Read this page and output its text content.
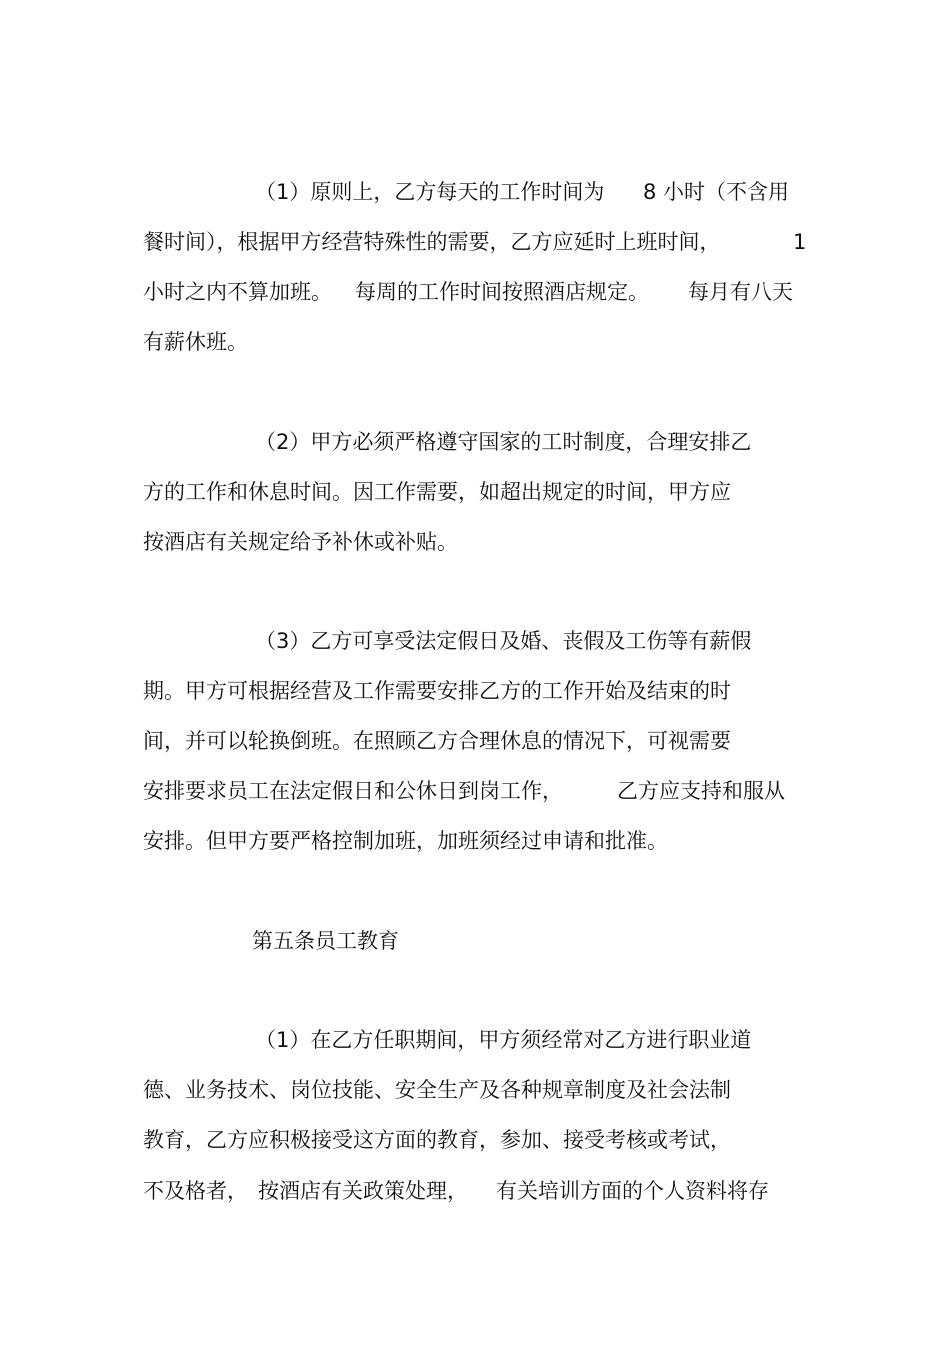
（1）原则上，乙方每天的工作时间为

8 小时（不含用

餐时间），根据甲方经营特殊性的需要，乙方应延时上班时间，

	1

小时之内不算加班。

每周的工作时间按照酒店规定。

每月有八天

有薪休班。

（2）甲方必须严格遵守国家的工时制度，合理安排乙

方的工作和休息时间。因工作需要，如超出规定的时间，甲方应

按酒店有关规定给予补休或补贴。

（3）乙方可享受法定假日及婚、丧假及工伤等有薪假

期。甲方可根据经营及工作需要安排乙方的工作开始及结束的时

间，并可以轮换倒班。在照顾乙方合理休息的情况下，可视需要

安排要求员工在法定假日和公休日到岗工作，

	乙方应支持和服从

安排。但甲方要严格控制加班，加班须经过申请和批准。

第五条员工教育

（1）在乙方任职期间，甲方须经常对乙方进行职业道

德、业务技术、岗位技能、安全生产及各种规章制度及社会法制

教育，乙方应积极接受这方面的教育，参加、接受考核或考试，

不及格者，

按酒店有关政策处理，

有关培训方面的个人资料将存
